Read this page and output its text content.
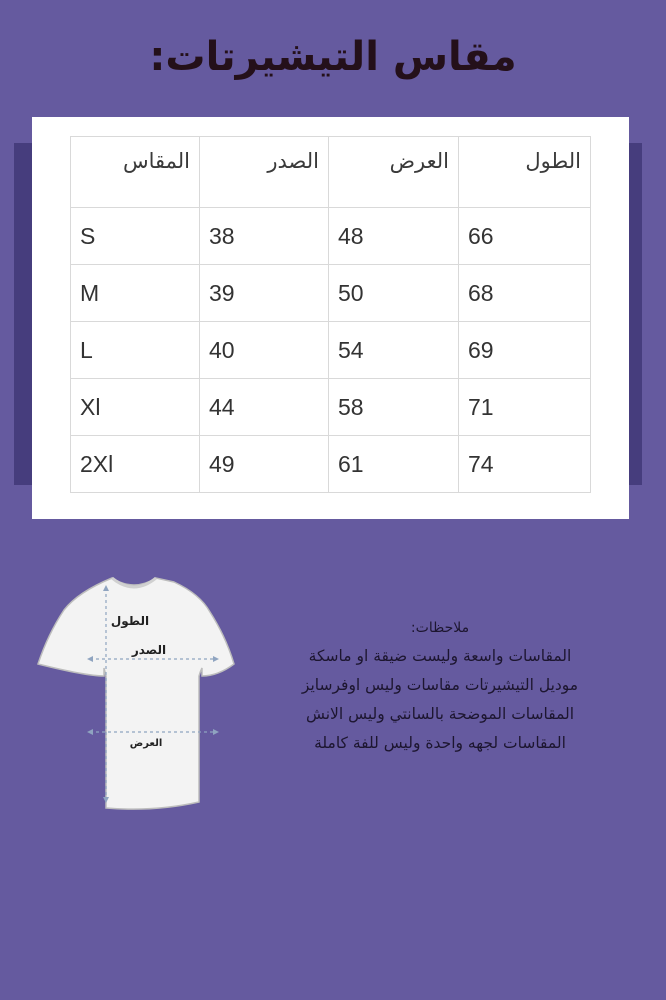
مقاس التيشيرتات:
المقاس	الصدر	العرض	الطول
S	38	48	66
M	39	50	68
L	40	54	69
Xl	44	58	71
2Xl	49	61	74
الطول
الصدر
العرض
ملاحظات:
المقاسات واسعة وليست ضيقة او ماسكة
موديل التيشيرتات مقاسات وليس اوفرسايز
المقاسات الموضحة بالسانتي وليس الانش
المقاسات لجهه واحدة وليس للفة كاملة
